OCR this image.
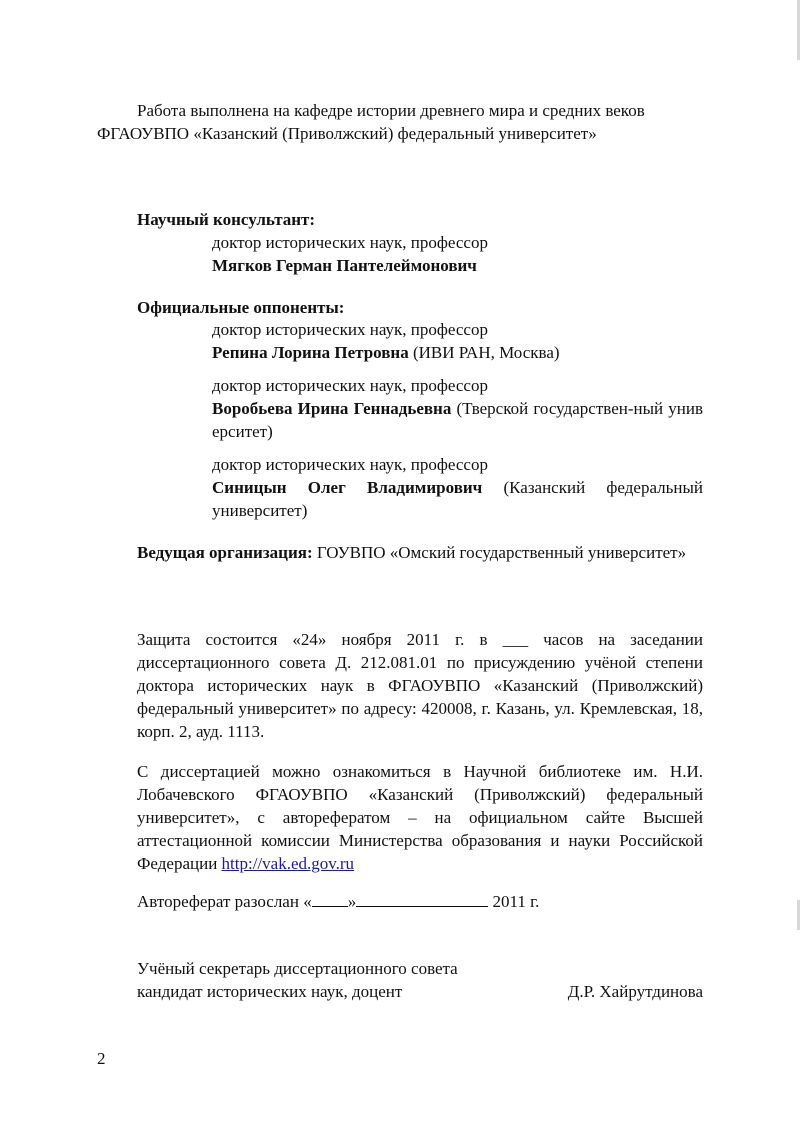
Работа выполнена на кафедре истории древнего мира и средних веков

ФГАОУВПО «Казанский (Приволжский) федеральный университет»

Научный консультант:

доктор исторических наук, профессор

Мягков Герман Пантелеймонович

Официальные оппоненты:

доктор исторических наук, профессор

Репина Лорина Петровна (ИВИ РАН, Москва)

доктор исторических наук, профессор

Воробьева Ирина Геннадьевна (Тверской государствен-ный университет)

доктор исторических наук, профессор

Синицын Олег Владимирович (Казанский федеральный университет)

Ведущая организация: ГОУВПО «Омский государственный университет»
Защита состоится «24» ноября 2011 г. в ___ часов на заседании диссертационного совета Д. 212.081.01 по присуждению учёной степени доктора исторических наук в ФГАОУВПО «Казанский (Приволжский) федеральный университет» по адресу: 420008, г. Казань, ул. Кремлевская, 18, корп. 2, ауд. 1113.
С диссертацией можно ознакомиться в Научной библиотеке им. Н.И. Лобачевского ФГАОУВПО «Казанский (Приволжский) федеральный университет», с авторефератом – на официальном сайте Высшей аттестационной комиссии Министерства образования и науки Российской Федерации http://vak.ed.gov.ru
Автореферат разослан « »	2011 г.

Учёный секретарь диссертационного совета

кандидат исторических наук, доцент	Д.Р. Хайрутдинова
2
